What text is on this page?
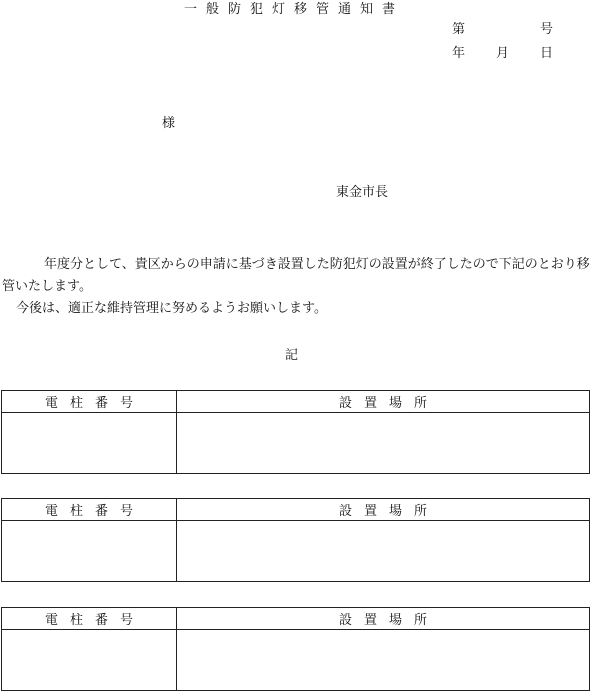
一般防犯灯移管通知書
第	号
年 月 日
様
東金市長

年度分として、貴区からの申請に基づき設置した防犯灯の設置が終了したので下記のとおり移管いたします。

今後は、適正な維持管理に努めるようお願いします。

記
電柱番号	設置場所

電柱番号	設置場所

電柱番号	設置場所
